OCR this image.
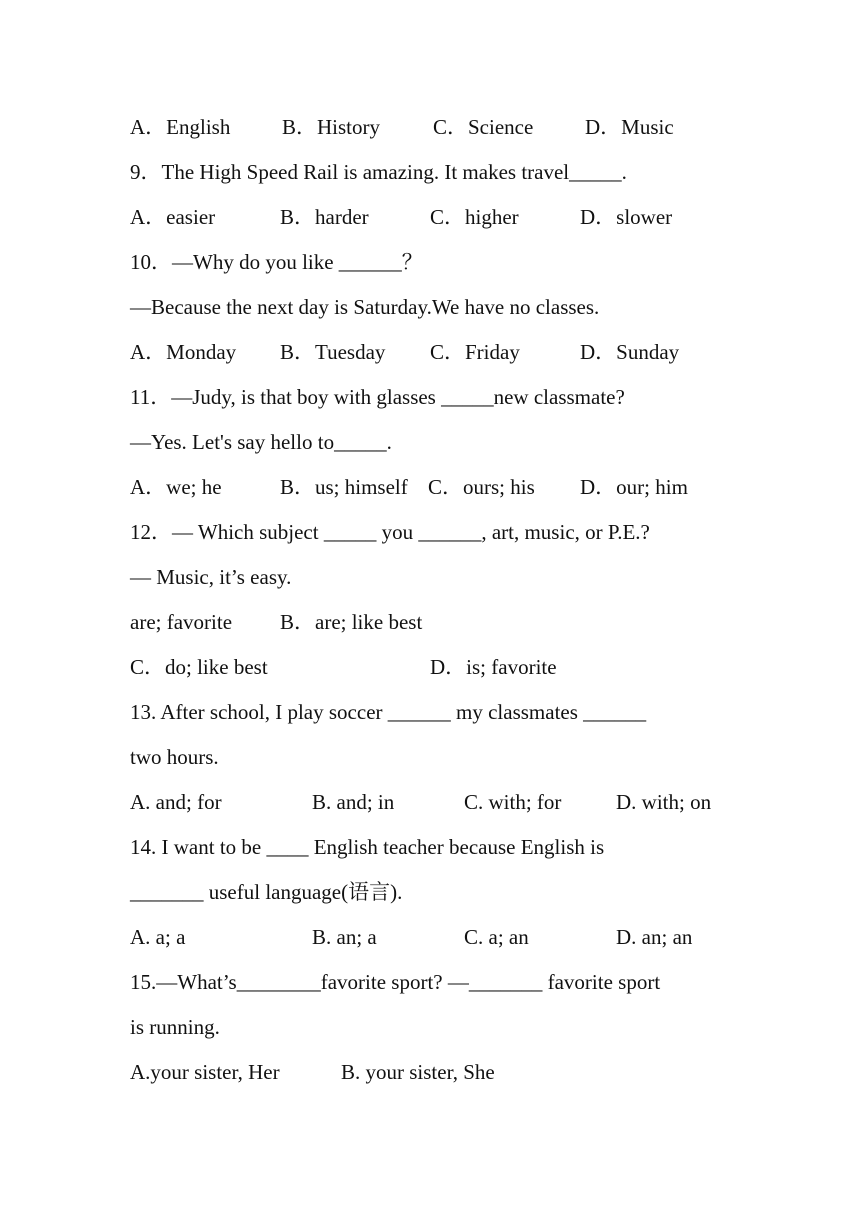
A．English

B．History

	C．Science

D．Music

9．The High Speed Rail is amazing. It makes travel_____.

A．easier

	B．harder

	C．higher

	D．slower

10．—Why do you like ______？
—Because the next day is Saturday.We have no classes.

A．Monday

B．Tuesday

C．Friday

	D．Sunday

11．—Judy, is that boy with glasses _____new classmate?
—Yes. Let's say hello to_____.

A．we; he

	B．us; himself

C．ours; his

D．our; him

12．— Which subject _____ you ______, art, music, or P.E.?
— Music, it’s easy.

are; favorite

B．are; like best

C．do; like best

	D．is; favorite

13. After school, I play soccer ______ my classmates ______
two hours.

A. and; for

	B. and; in

	C. with; for

	D. with; on

14. I want to be ____ English teacher because English is
_______ useful language(语言).

A. a; a

	B. an; a

	C. a; an

	D. an; an

15.—What’s________favorite sport? —_______ favorite sport
is running.

A.your sister, Her

	B. your sister, She
